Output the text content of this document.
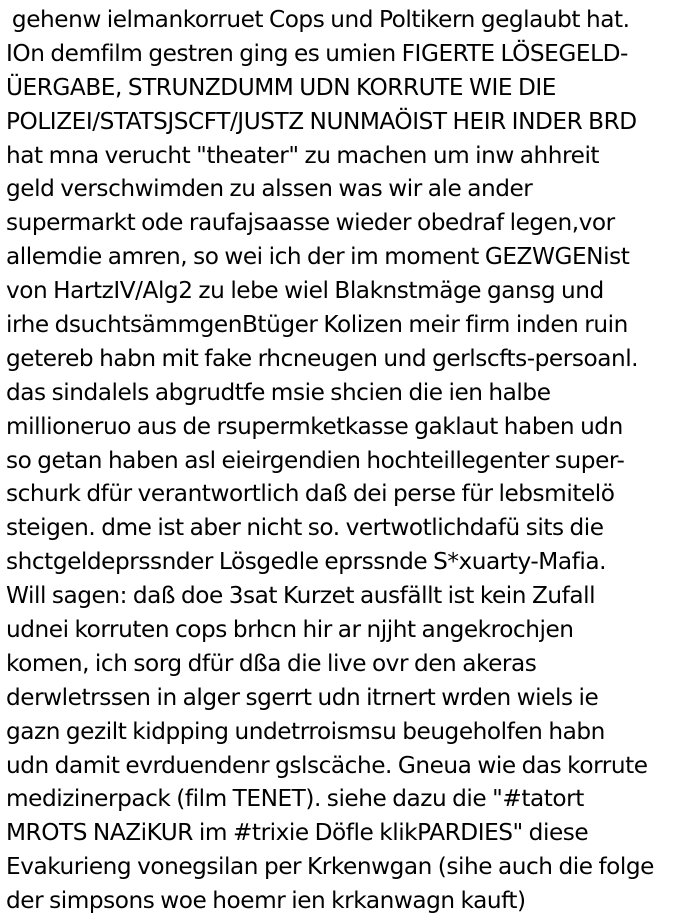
gehenw ielmankorruet Cops und Poltikern geglaubt hat.
IOn demfilm gestren ging es umien FIGERTE LÖSEGELD-
ÜERGABE, STRUNZDUMM UDN KORRUTE WIE DIE
POLIZEI/STATSJSCFT/JUSTZ NUNMAÖIST HEIR INDER BRD
hat mna verucht "theater" zu machen um inw ahhreit
geld verschwimden zu alssen was wir ale ander
supermarkt ode raufajsaasse wieder obedraf legen,vor
allemdie amren, so wei ich der im moment GEZWGENist
von HartzIV/Alg2 zu lebe wiel Blaknstmäge gansg und
irhe dsuchtsämmgenBtüger Kolizen meir firm inden ruin
getereb habn mit fake rhcneugen und gerlscfts-persoanl.
das sindalels abgrudtfe msie shcien die ien halbe
millioneruo aus de rsupermketkasse gaklaut haben udn
so getan haben asl eieirgendien hochteillegenter super-
schurk dfür verantwortlich daß dei perse für lebsmitelö
steigen. dme ist aber nicht so. vertwotlichdafü sits die
shctgeldeprssnder Lösgedle eprssnde S*xuarty-Mafia.
Will sagen: daß doe 3sat Kurzet ausfällt ist kein Zufall
udnei korruten cops brhcn hir ar njjht angekrochjen
komen, ich sorg dfür dßa die live ovr den akeras
derwletrssen in alger sgerrt udn itrnert wrden wiels ie
gazn gezilt kidpping undetrroismsu beugeholfen habn
udn damit evrduendenr gslscäche. Gneua wie das korrute
medizinerpack (film TENET). siehe dazu die "#tatort
MROTS NAZiKUR im #trixie Döfle klikPARDIES" diese
Evakurieng vonegsilan per Krkenwgan (sihe auch die folge
der simpsons woe hoemr ien krkanwagn kauft)
